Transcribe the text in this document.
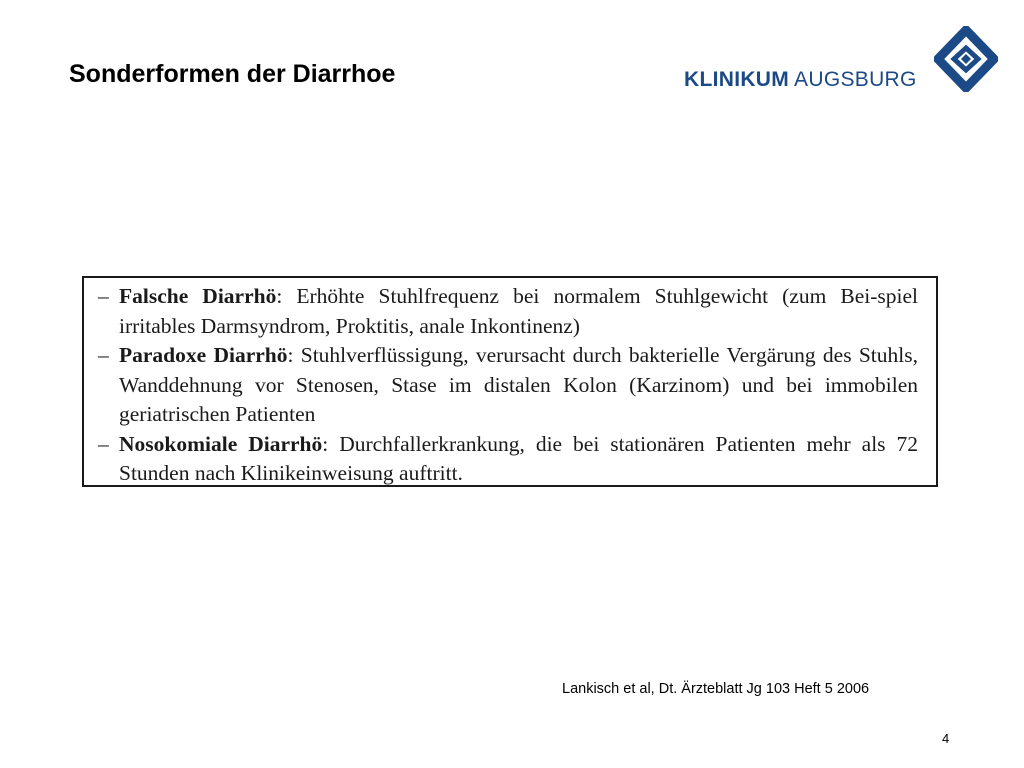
Sonderformen der Diarrhoe	KLINIKUM AUGSBURG
– Falsche Diarrhö: Erhöhte Stuhlfrequenz bei normalem Stuhlgewicht (zum Bei-spiel irritables Darmsyndrom, Proktitis, anale Inkontinenz)
– Paradoxe Diarrhö: Stuhlverflüssigung, verursacht durch bakterielle Vergärung des Stuhls, Wanddehnung vor Stenosen, Stase im distalen Kolon (Karzinom) und bei immobilen geriatrischen Patienten
– Nosokomiale Diarrhö: Durchfallerkrankung, die bei stationären Patienten mehr als 72 Stunden nach Klinikeinweisung auftritt.
Lankisch et al, Dt. Ärzteblatt Jg 103 Heft 5 2006
4
